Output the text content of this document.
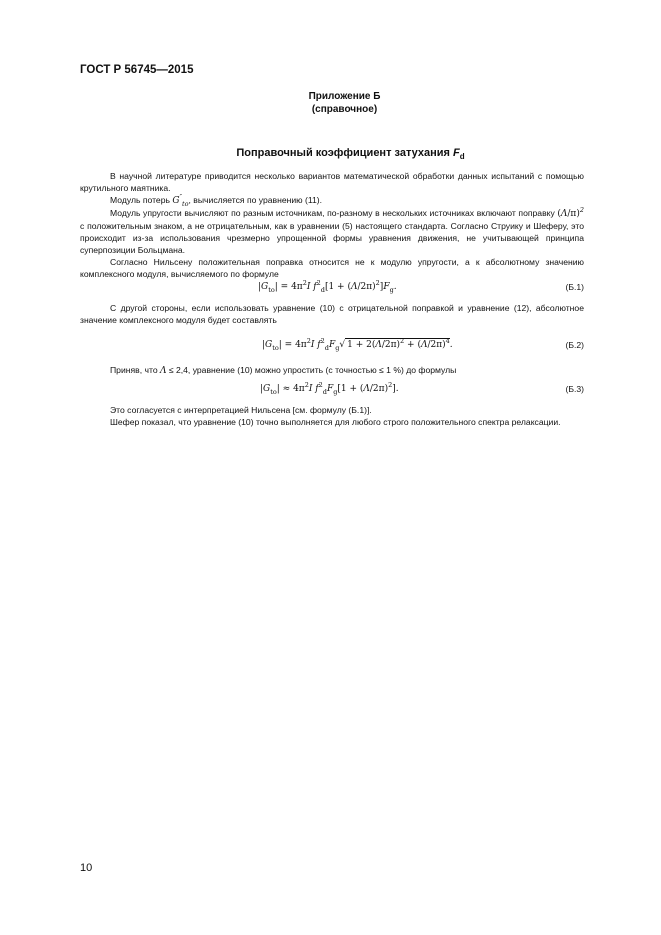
ГОСТ Р 56745—2015
Приложение Б
(справочное)
Поправочный коэффициент затухания $F_d$

В научной литературе приводится несколько вариантов математической обработки данных испытаний с помощью крутильного маятника.

Модуль потерь $G''_{to}$, вычисляется по уравнению (11).

Модуль упругости вычисляют по разным источникам, по-разному в нескольких источниках включают поправку $(\Lambda/\pi)^2$ с положительным знаком, а не отрицательным, как в уравнении (5) настоящего стандарта. Согласно Струику и Шеферу, это происходит из-за использования чрезмерно упрощенной формы уравнения движения, не учитывающей принципа суперпозиции Больцмана.

Согласно Нильсену положительная поправка относится не к модулю упругости, а к абсолютному значению комплексного модуля, вычисляемого по формуле

$|G_{to}| = 4\pi^2I$ $f^2_d[1 + (\Lambda/2\pi)^2]F_g$.	(Б.1)

С другой стороны, если использовать уравнение (10) с отрицательной поправкой и уравнение (12), абсолютное значение комплексного модуля будет составлять

$|G_{to}| = 4\pi^2I$ $f^2_dF_g√$ $1 + 2(\Lambda/2\pi)^2 + (\Lambda/2\pi)^4$.	(Б.2)

Приняв, что Λ ≤ 2,4, уравнение (10) можно упростить (с точностью ≤ 1 %) до формулы

$|G_{to}| \approx 4\pi^2I$ $f^2_dF_g[1 + (\Lambda/2\pi)^2]$.	(Б.3)

Это согласуется с интерпретацией Нильсена [см. формулу (Б.1)].

Шефер показал, что уравнение (10) точно выполняется для любого строго положительного спектра релаксации.

10
